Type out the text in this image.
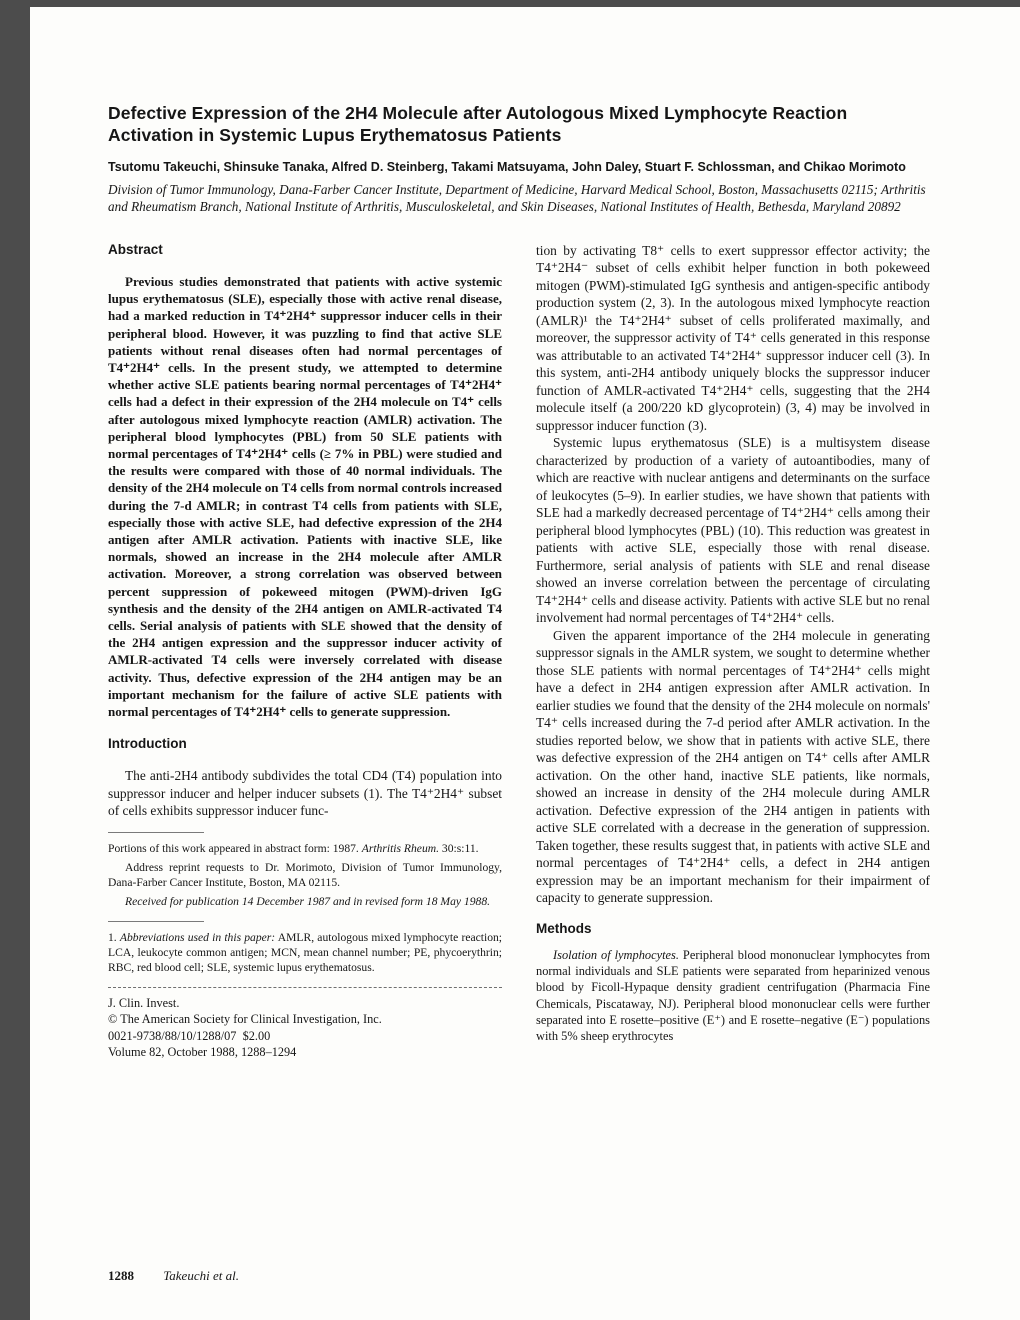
Defective Expression of the 2H4 Molecule after Autologous Mixed Lymphocyte Reaction Activation in Systemic Lupus Erythematosus Patients

Tsutomu Takeuchi, Shinsuke Tanaka, Alfred D. Steinberg, Takami Matsuyama, John Daley, Stuart F. Schlossman, and Chikao Morimoto

Division of Tumor Immunology, Dana-Farber Cancer Institute, Department of Medicine, Harvard Medical School, Boston, Massachusetts 02115; Arthritis and Rheumatism Branch, National Institute of Arthritis, Musculoskeletal, and Skin Diseases, National Institutes of Health, Bethesda, Maryland 20892

Abstract

Previous studies demonstrated that patients with active systemic lupus erythematosus (SLE), especially those with active renal disease, had a marked reduction in T4⁺2H4⁺ suppressor inducer cells in their peripheral blood. However, it was puzzling to find that active SLE patients without renal diseases often had normal percentages of T4⁺2H4⁺ cells. In the present study, we attempted to determine whether active SLE patients bearing normal percentages of T4⁺2H4⁺ cells had a defect in their expression of the 2H4 molecule on T4⁺ cells after autologous mixed lymphocyte reaction (AMLR) activation. The peripheral blood lymphocytes (PBL) from 50 SLE patients with normal percentages of T4⁺2H4⁺ cells (≥ 7% in PBL) were studied and the results were compared with those of 40 normal individuals. The density of the 2H4 molecule on T4 cells from normal controls increased during the 7-d AMLR; in contrast T4 cells from patients with SLE, especially those with active SLE, had defective expression of the 2H4 antigen after AMLR activation. Patients with inactive SLE, like normals, showed an increase in the 2H4 molecule after AMLR activation. Moreover, a strong correlation was observed between percent suppression of pokeweed mitogen (PWM)-driven IgG synthesis and the density of the 2H4 antigen on AMLR-activated T4 cells. Serial analysis of patients with SLE showed that the density of the 2H4 antigen expression and the suppressor inducer activity of AMLR-activated T4 cells were inversely correlated with disease activity. Thus, defective expression of the 2H4 antigen may be an important mechanism for the failure of active SLE patients with normal percentages of T4⁺2H4⁺ cells to generate suppression.

Introduction

The anti-2H4 antibody subdivides the total CD4 (T4) population into suppressor inducer and helper inducer subsets (1). The T4⁺2H4⁺ subset of cells exhibits suppressor inducer func-

Portions of this work appeared in abstract form: 1987. Arthritis Rheum. 30:s:11.

Address reprint requests to Dr. Morimoto, Division of Tumor Immunology, Dana-Farber Cancer Institute, Boston, MA 02115.

Received for publication 14 December 1987 and in revised form 18 May 1988.

1. Abbreviations used in this paper: AMLR, autologous mixed lymphocyte reaction; LCA, leukocyte common antigen; MCN, mean channel number; PE, phycoerythrin; RBC, red blood cell; SLE, systemic lupus erythematosus.

J. Clin. Invest.

© The American Society for Clinical Investigation, Inc.

0021-9738/88/10/1288/07  $2.00

Volume 82, October 1988, 1288–1294

tion by activating T8⁺ cells to exert suppressor effector activity; the T4⁺2H4⁻ subset of cells exhibit helper function in both pokeweed mitogen (PWM)-stimulated IgG synthesis and antigen-specific antibody production system (2, 3). In the autologous mixed lymphocyte reaction (AMLR)¹ the T4⁺2H4⁺ subset of cells proliferated maximally, and moreover, the suppressor activity of T4⁺ cells generated in this response was attributable to an activated T4⁺2H4⁺ suppressor inducer cell (3). In this system, anti-2H4 antibody uniquely blocks the suppressor inducer function of AMLR-activated T4⁺2H4⁺ cells, suggesting that the 2H4 molecule itself (a 200/220 kD glycoprotein) (3, 4) may be involved in suppressor inducer function (3).

Systemic lupus erythematosus (SLE) is a multisystem disease characterized by production of a variety of autoantibodies, many of which are reactive with nuclear antigens and determinants on the surface of leukocytes (5–9). In earlier studies, we have shown that patients with SLE had a markedly decreased percentage of T4⁺2H4⁺ cells among their peripheral blood lymphocytes (PBL) (10). This reduction was greatest in patients with active SLE, especially those with renal disease. Furthermore, serial analysis of patients with SLE and renal disease showed an inverse correlation between the percentage of circulating T4⁺2H4⁺ cells and disease activity. Patients with active SLE but no renal involvement had normal percentages of T4⁺2H4⁺ cells.

Given the apparent importance of the 2H4 molecule in generating suppressor signals in the AMLR system, we sought to determine whether those SLE patients with normal percentages of T4⁺2H4⁺ cells might have a defect in 2H4 antigen expression after AMLR activation. In earlier studies we found that the density of the 2H4 molecule on normals' T4⁺ cells increased during the 7-d period after AMLR activation. In the studies reported below, we show that in patients with active SLE, there was defective expression of the 2H4 antigen on T4⁺ cells after AMLR activation. On the other hand, inactive SLE patients, like normals, showed an increase in density of the 2H4 molecule during AMLR activation. Defective expression of the 2H4 antigen in patients with active SLE correlated with a decrease in the generation of suppression. Taken together, these results suggest that, in patients with active SLE and normal percentages of T4⁺2H4⁺ cells, a defect in 2H4 antigen expression may be an important mechanism for their impairment of capacity to generate suppression.

Methods

Isolation of lymphocytes. Peripheral blood mononuclear lymphocytes from normal individuals and SLE patients were separated from heparinized venous blood by Ficoll-Hypaque density gradient centrifugation (Pharmacia Fine Chemicals, Piscataway, NJ). Peripheral blood mononuclear cells were further separated into E rosette–positive (E⁺) and E rosette–negative (E⁻) populations with 5% sheep erythrocytes

1288 Takeuchi et al.
